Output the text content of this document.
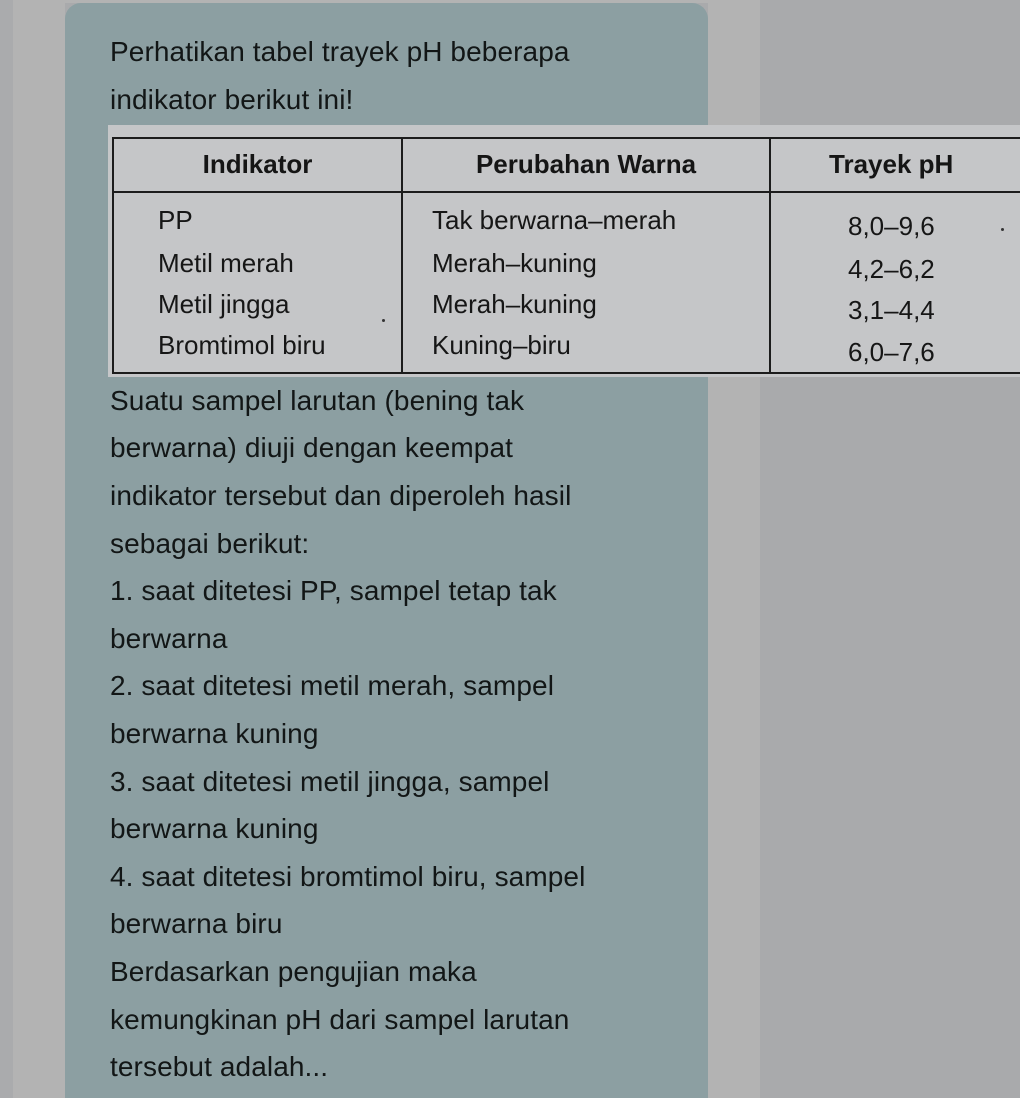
Perhatikan tabel trayek pH beberapa
indikator berikut ini!
Indikator	Perubahan Warna	Trayek pH
PP	Tak berwarna–merah	8,0–9,6
Metil merah	Merah–kuning	4,2–6,2
Metil jingga	Merah–kuning	3,1–4,4
Bromtimol biru	Kuning–biru	6,0–7,6
Suatu sampel larutan (bening tak
berwarna) diuji dengan keempat
indikator tersebut dan diperoleh hasil
sebagai berikut:
1. saat ditetesi PP, sampel tetap tak
berwarna
2. saat ditetesi metil merah, sampel
berwarna kuning
3. saat ditetesi metil jingga, sampel
berwarna kuning
4. saat ditetesi bromtimol biru, sampel
berwarna biru
Berdasarkan pengujian maka
kemungkinan pH dari sampel larutan
tersebut adalah...
